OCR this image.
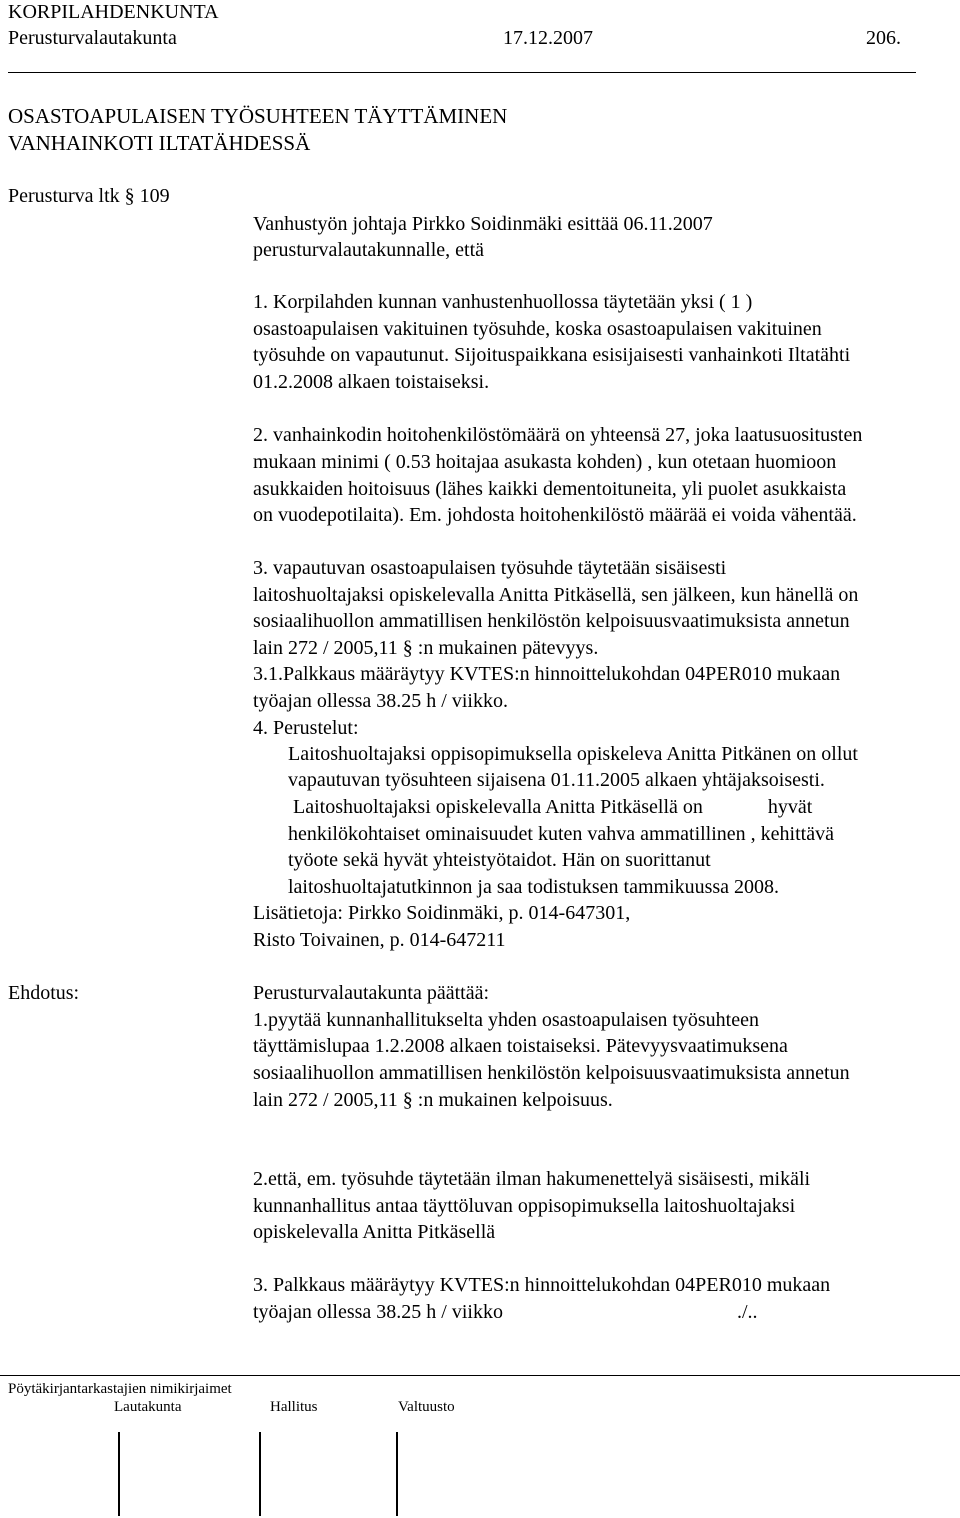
KORPILAHDENKUNTA
Perusturvalautakunta	17.12.2007	206.
OSASTOAPULAISEN TYÖSUHTEEN TÄYTTÄMINEN
VANHAINKOTI ILTATÄHDESSÄ
Perusturva ltk § 109
Vanhustyön johtaja Pirkko Soidinmäki esittää 06.11.2007
perusturvalautakunnalle, että
1. Korpilahden kunnan vanhustenhuollossa täytetään yksi ( 1 )
osastoapulaisen vakituinen työsuhde, koska osastoapulaisen vakituinen
työsuhde on vapautunut. Sijoituspaikkana esisijaisesti vanhainkoti Iltatähti
01.2.2008 alkaen toistaiseksi.
2. vanhainkodin hoitohenkilöstömäärä on yhteensä 27, joka laatusuositusten
mukaan minimi ( 0.53 hoitajaa asukasta kohden) , kun otetaan huomioon
asukkaiden hoitoisuus (lähes kaikki dementoituneita, yli puolet asukkaista
on vuodepotilaita). Em. johdosta hoitohenkilöstö määrää ei voida vähentää.
3. vapautuvan osastoapulaisen työsuhde täytetään sisäisesti
laitoshuoltajaksi opiskelevalla Anitta Pitkäsellä, sen jälkeen, kun hänellä on
sosiaalihuollon ammatillisen henkilöstön kelpoisuusvaatimuksista annetun
lain 272 / 2005,11 § :n mukainen pätevyys.
3.1.Palkkaus määräytyy KVTES:n hinnoittelukohdan 04PER010 mukaan
työajan ollessa 38.25 h / viikko.
4. Perustelut:
Laitoshuoltajaksi oppisopimuksella opiskeleva Anitta Pitkänen on ollut
vapautuvan työsuhteen sijaisena 01.11.2005 alkaen yhtäjaksoisesti.
Laitoshuoltajaksi opiskelevalla Anitta Pitkäsellä on             hyvät
henkilökohtaiset ominaisuudet kuten vahva ammatillinen , kehittävä
työote sekä hyvät yhteistyötaidot. Hän on suorittanut
laitoshuoltajatutkinnon ja saa todistuksen tammikuussa 2008.
Lisätietoja: Pirkko Soidinmäki, p. 014-647301,
Risto Toivainen, p. 014-647211
Ehdotus:	Perusturvalautakunta päättää:
1.pyytää kunnanhallitukselta yhden osastoapulaisen työsuhteen
täyttämislupaa 1.2.2008 alkaen toistaiseksi. Pätevyysvaatimuksena
sosiaalihuollon ammatillisen henkilöstön kelpoisuusvaatimuksista annetun
lain 272 / 2005,11 § :n mukainen kelpoisuus.
2.että, em. työsuhde täytetään ilman hakumenettelyä sisäisesti, mikäli
kunnanhallitus antaa täyttöluvan oppisopimuksella laitoshuoltajaksi
opiskelevalla Anitta Pitkäsellä
3. Palkkaus määräytyy KVTES:n hinnoittelukohdan 04PER010 mukaan
työajan ollessa 38.25 h / viikko	./..
Pöytäkirjantarkastajien nimikirjaimet
Lautakunta	Hallitus	Valtuusto
